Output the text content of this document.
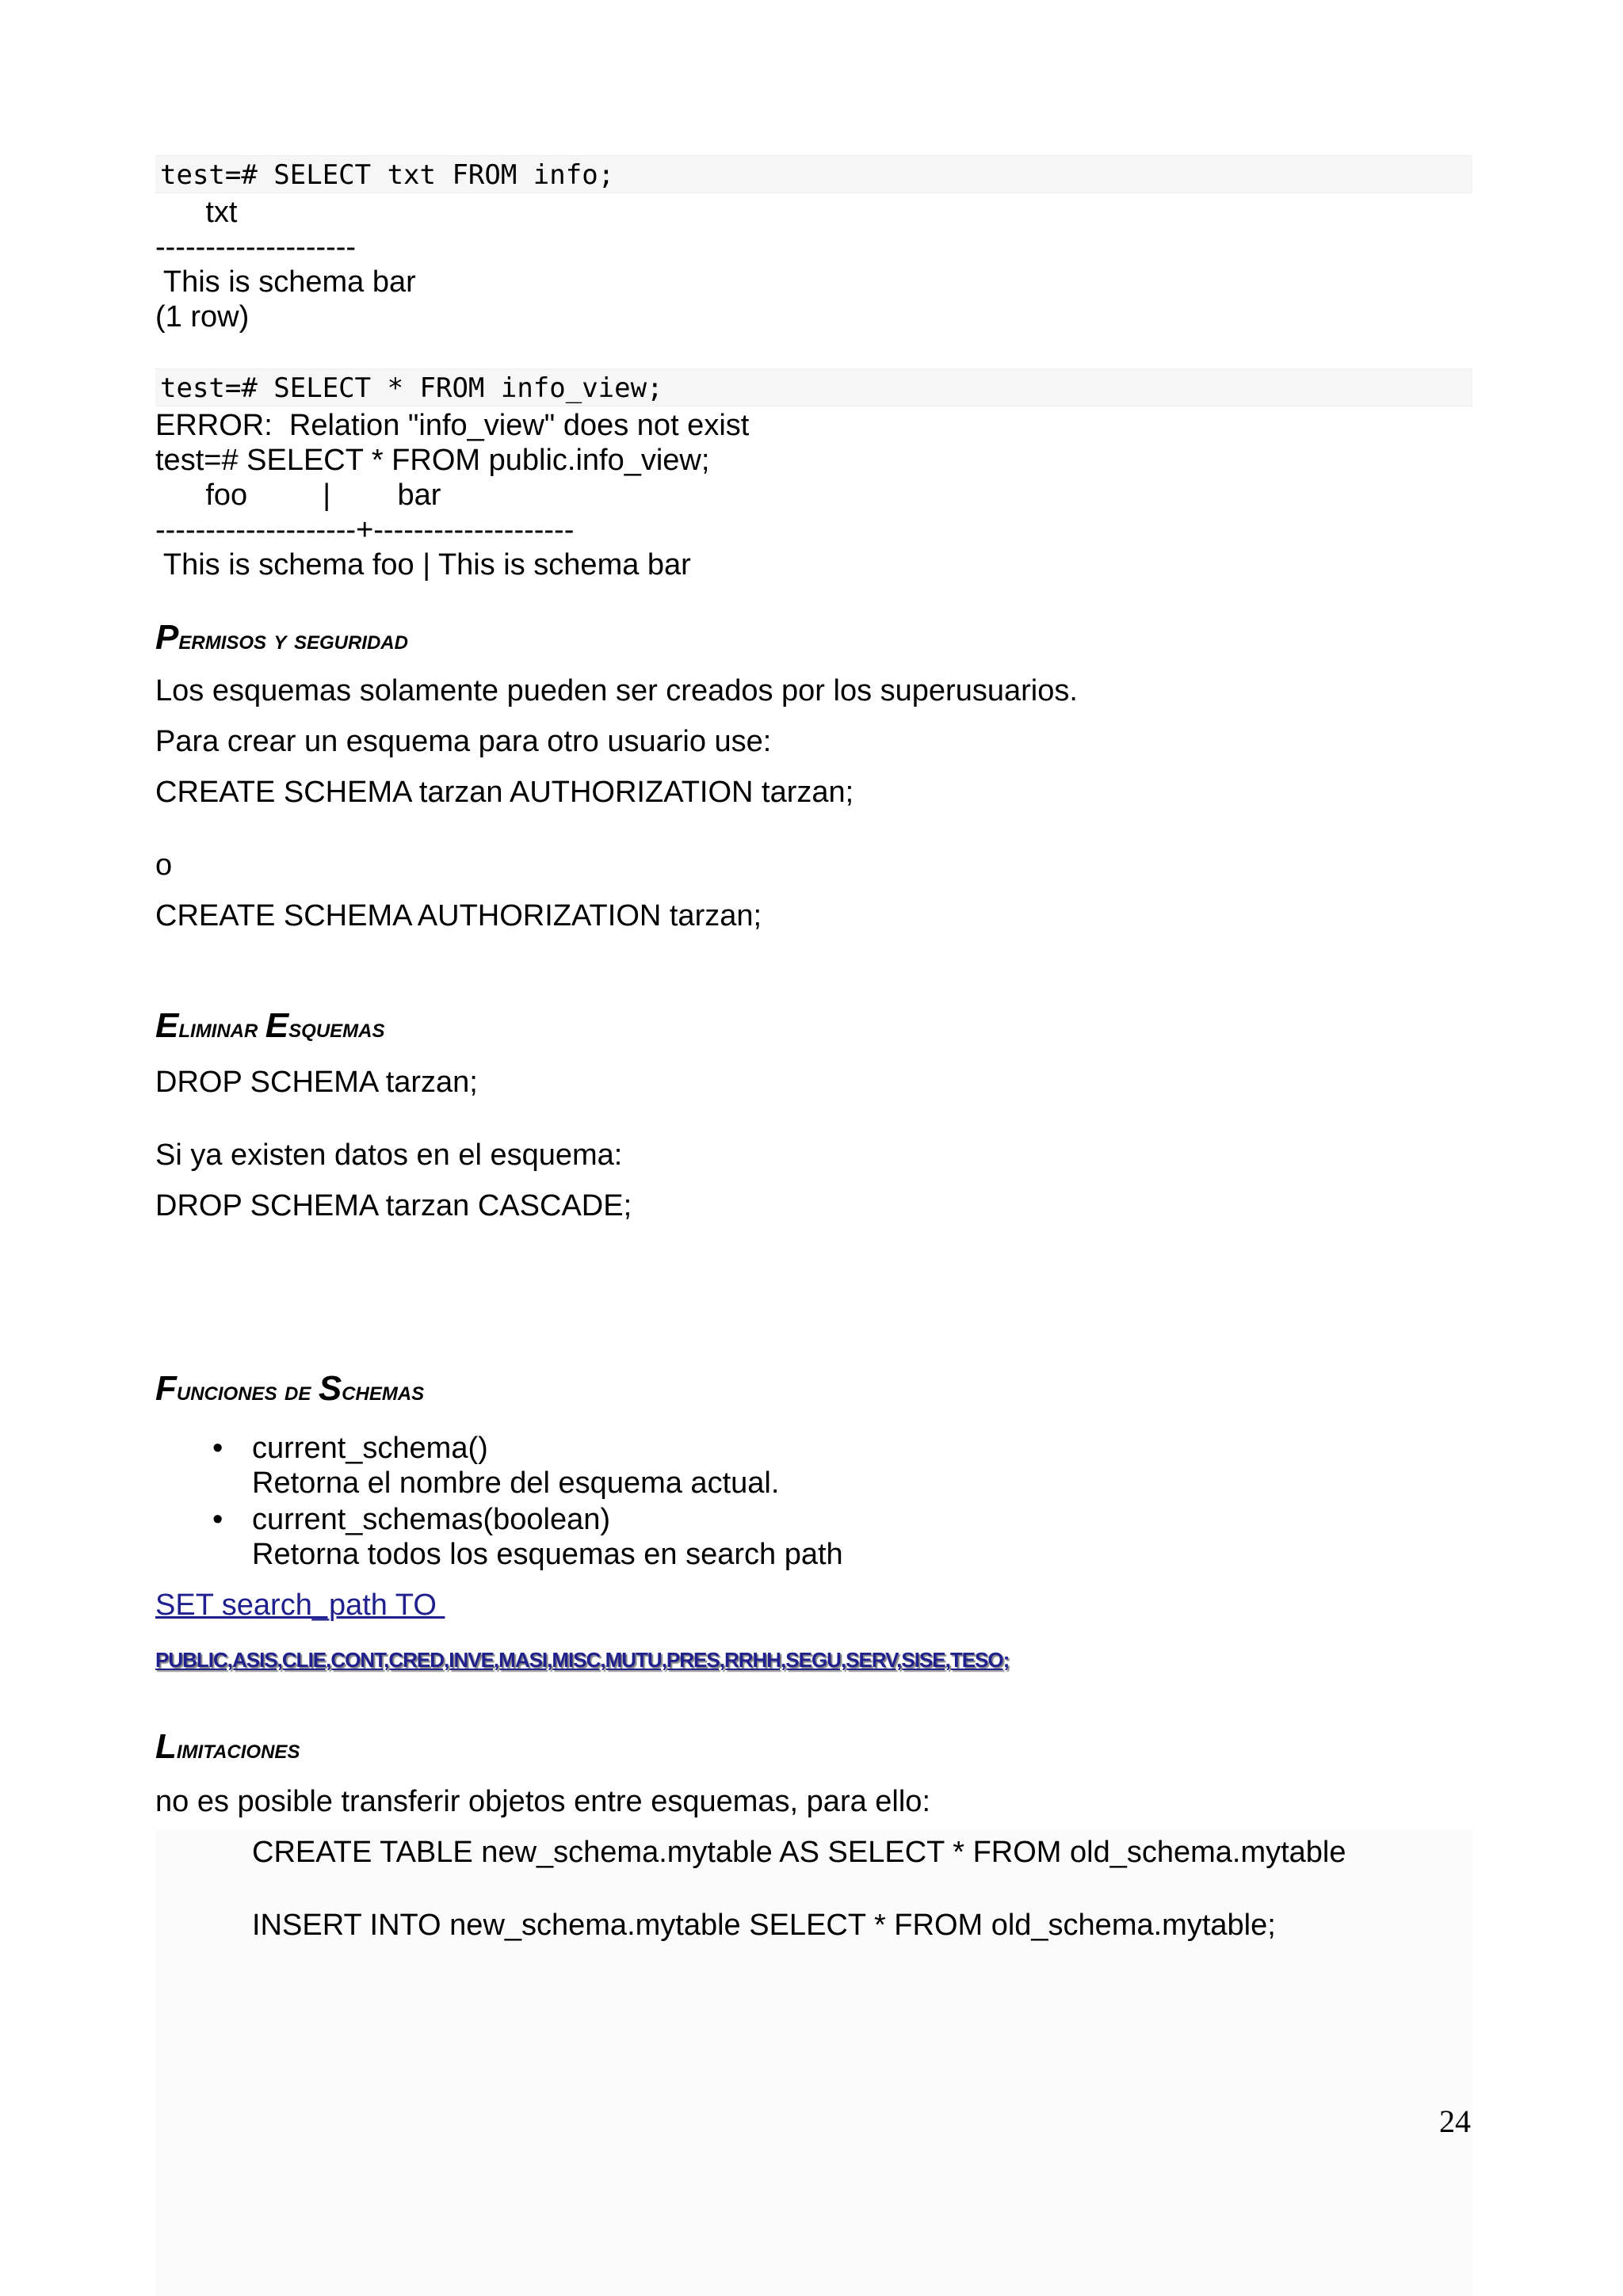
test=# SELECT txt FROM info;
txt
--------------------
This is schema bar
(1 row)
test=# SELECT * FROM info_view;
ERROR:  Relation "info_view" does not exist
test=# SELECT * FROM public.info_view;
foo         |        bar
--------------------+--------------------
This is schema foo | This is schema bar
Permisos y seguridad
Los esquemas solamente pueden ser creados por los superusuarios.
Para crear un esquema para otro usuario use:
CREATE SCHEMA tarzan AUTHORIZATION tarzan;
o
CREATE SCHEMA AUTHORIZATION tarzan;
Eliminar Esquemas
DROP SCHEMA tarzan;
Si ya existen datos en el esquema:
DROP SCHEMA tarzan CASCADE;
Funciones de Schemas
• current_schema()
Retorna el nombre del esquema actual.
• current_schemas(boolean)
Retorna todos los esquemas en search path
SET search_path TO
PUBLIC,ASIS,CLIE,CONT,CRED,INVE,MASI,MISC,MUTU,PRES,RRHH,SEGU,SERV,SISE,TESO;
Limitaciones
no es posible transferir objetos entre esquemas, para ello:
CREATE TABLE new_schema.mytable AS SELECT * FROM old_schema.mytable
INSERT INTO new_schema.mytable SELECT * FROM old_schema.mytable;
24
